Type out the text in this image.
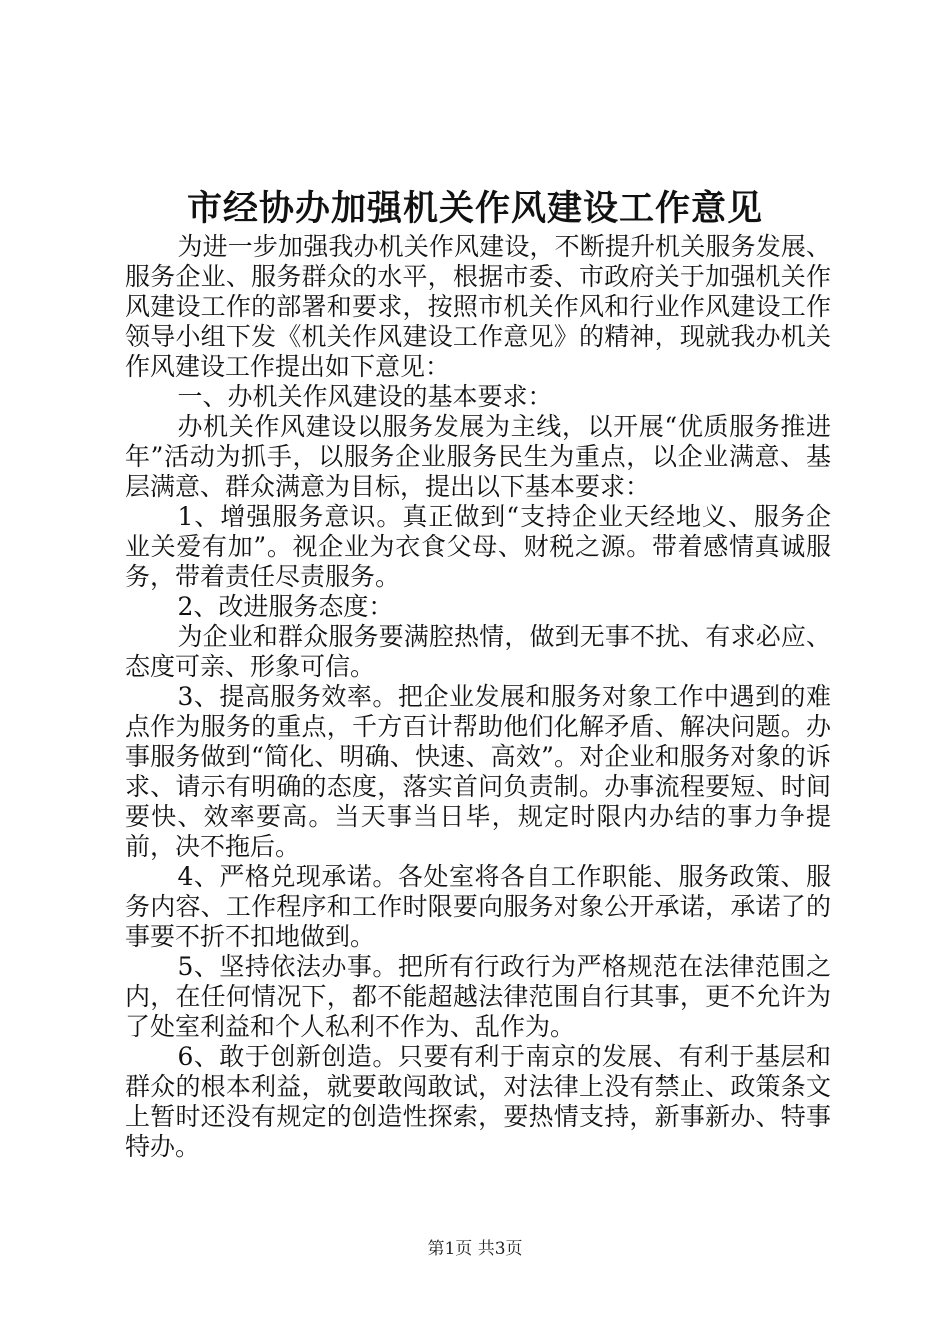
市经协办加强机关作风建设工作意见

为进一步加强我办机关作风建设，不断提升机关服务发展、服务企业、服务群众的水平，根据市委、市政府关于加强机关作风建设工作的部署和要求，按照市机关作风和行业作风建设工作领导小组下发《机关作风建设工作意见》的精神，现就我办机关作风建设工作提出如下意见：

一、办机关作风建设的基本要求：

办机关作风建设以服务发展为主线，以开展“优质服务推进年”活动为抓手，以服务企业服务民生为重点，以企业满意、基层满意、群众满意为目标，提出以下基本要求：

1、增强服务意识。真正做到“支持企业天经地义、服务企业关爱有加”。视企业为衣食父母、财税之源。带着感情真诚服务，带着责任尽责服务。

2、改进服务态度：

为企业和群众服务要满腔热情，做到无事不扰、有求必应、态度可亲、形象可信。

3、提高服务效率。把企业发展和服务对象工作中遇到的难点作为服务的重点，千方百计帮助他们化解矛盾、解决问题。办事服务做到“简化、明确、快速、高效”。对企业和服务对象的诉求、请示有明确的态度，落实首问负责制。办事流程要短、时间要快、效率要高。当天事当日毕，规定时限内办结的事力争提前，决不拖后。

4、严格兑现承诺。各处室将各自工作职能、服务政策、服务内容、工作程序和工作时限要向服务对象公开承诺，承诺了的事要不折不扣地做到。

5、坚持依法办事。把所有行政行为严格规范在法律范围之内，在任何情况下，都不能超越法律范围自行其事，更不允许为了处室利益和个人私利不作为、乱作为。

6、敢于创新创造。只要有利于南京的发展、有利于基层和群众的根本利益，就要敢闯敢试，对法律上没有禁止、政策条文上暂时还没有规定的创造性探索，要热情支持，新事新办、特事特办。

第1页 共3页
